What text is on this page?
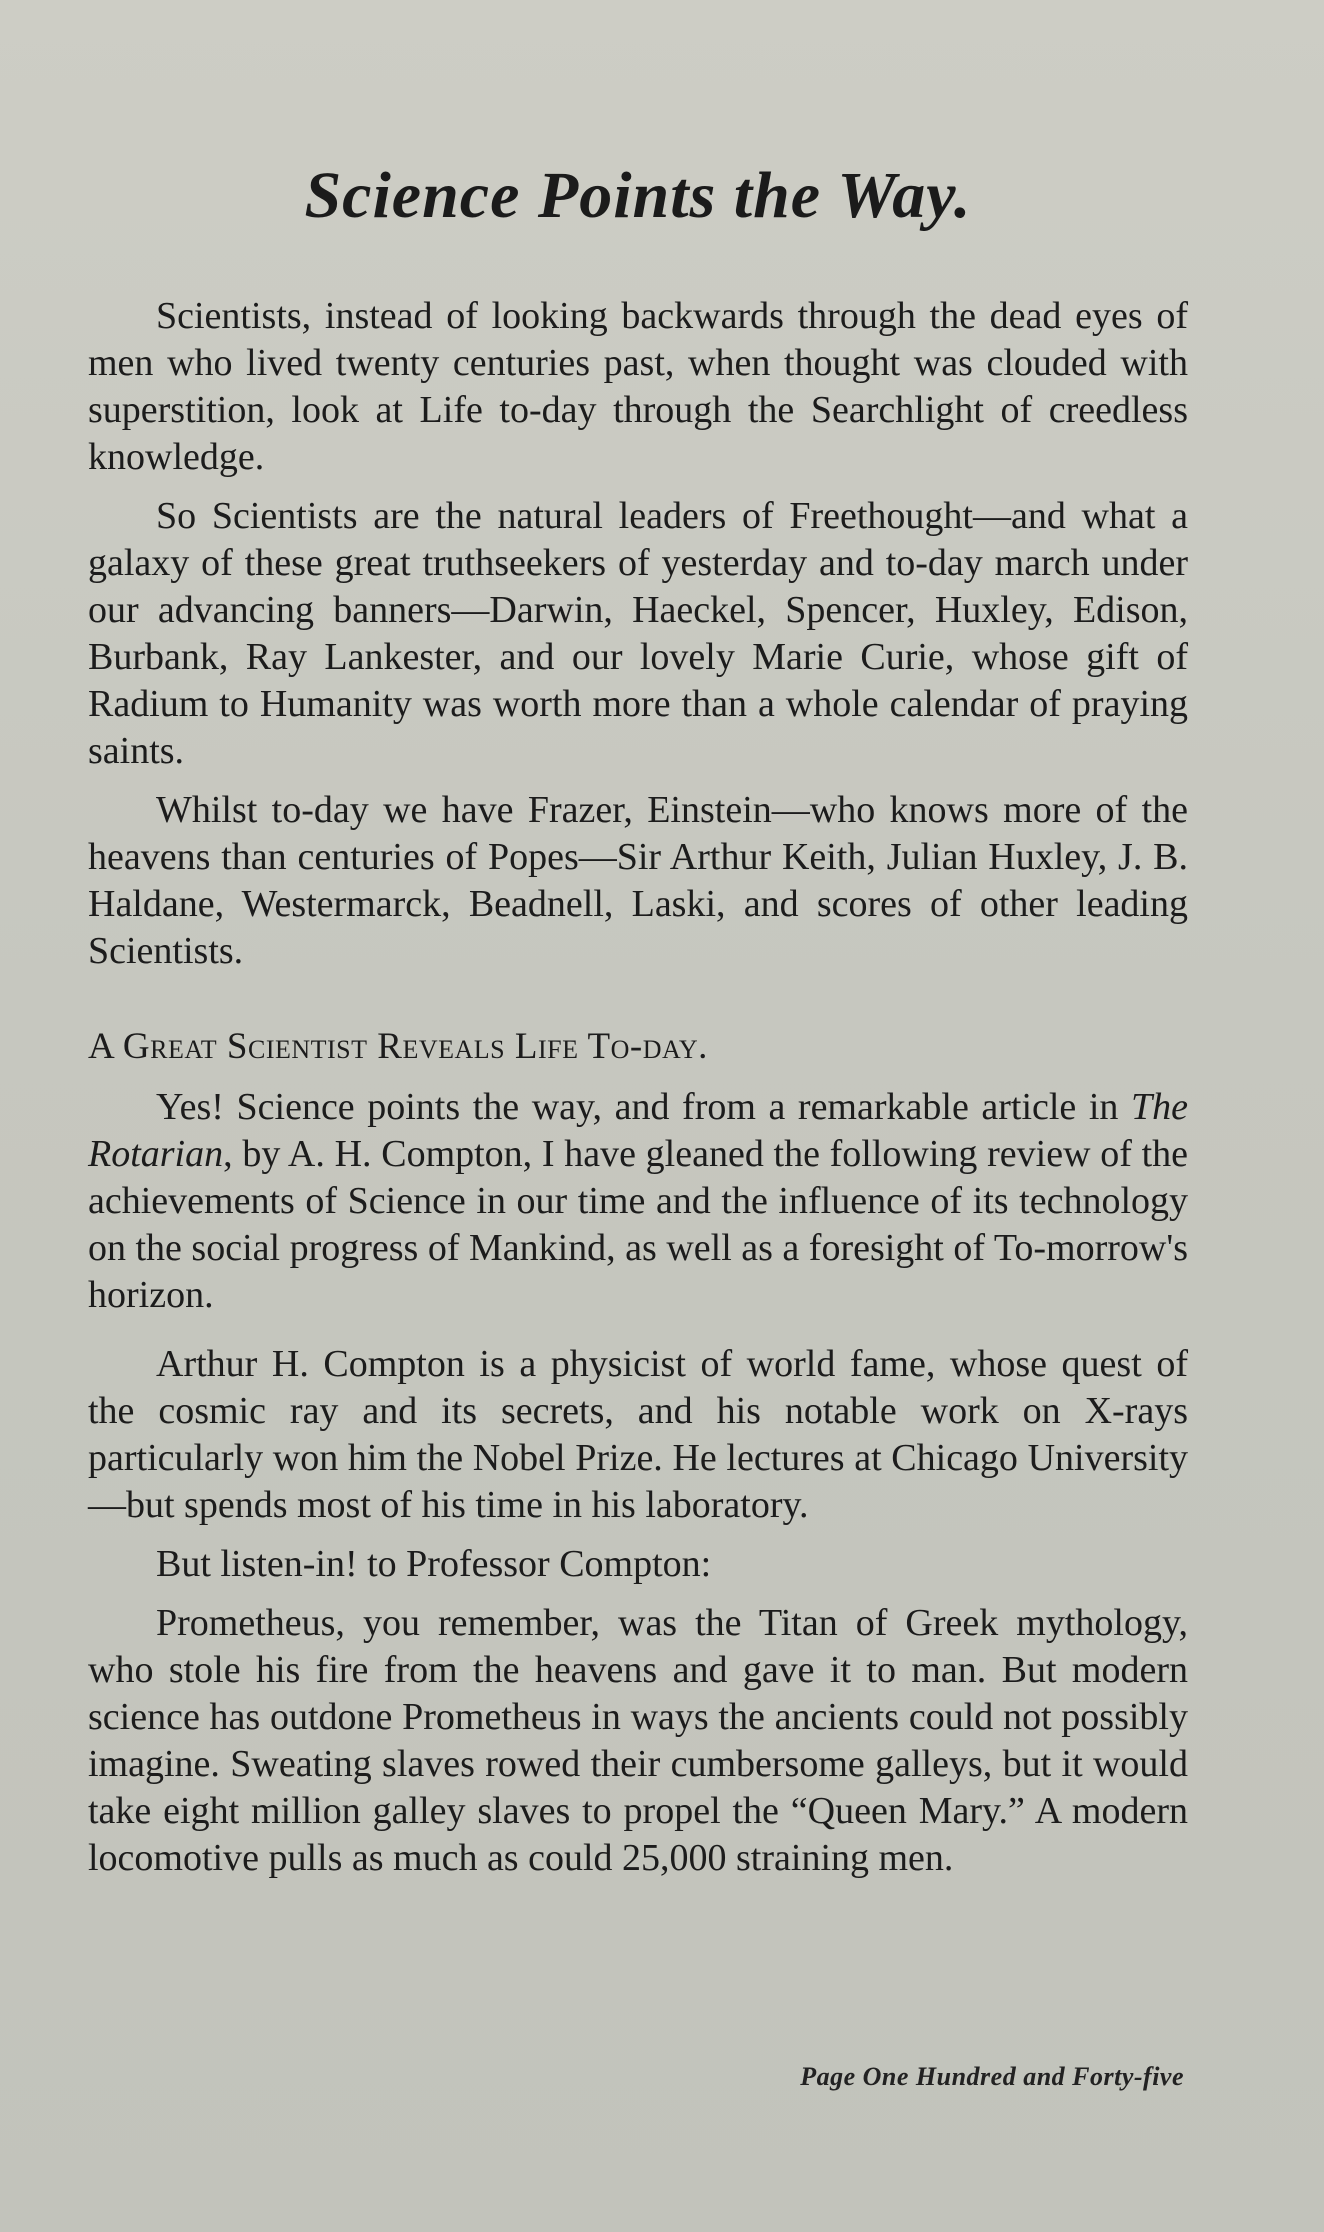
Science Points the Way.

Scientists, instead of looking backwards through the dead eyes of men who lived twenty centuries past, when thought was clouded with superstition, look at Life to-day through the Searchlight of creedless knowledge.

So Scientists are the natural leaders of Freethought—and what a galaxy of these great truthseekers of yesterday and to-day march under our advancing banners—Darwin, Haeckel, Spencer, Huxley, Edison, Burbank, Ray Lankester, and our lovely Marie Curie, whose gift of Radium to Humanity was worth more than a whole calendar of praying saints.

Whilst to-day we have Frazer, Einstein—who knows more of the heavens than centuries of Popes—Sir Arthur Keith, Julian Huxley, J. B. Haldane, Westermarck, Beadnell, Laski, and scores of other leading Scientists.

A Great Scientist Reveals Life To-day.

Yes! Science points the way, and from a remarkable article in The Rotarian, by A. H. Compton, I have gleaned the following review of the achievements of Science in our time and the influence of its technology on the social progress of Mankind, as well as a foresight of To-morrow's horizon.

Arthur H. Compton is a physicist of world fame, whose quest of the cosmic ray and its secrets, and his notable work on X-rays particularly won him the Nobel Prize. He lectures at Chicago University—but spends most of his time in his laboratory.

But listen-in! to Professor Compton:

Prometheus, you remember, was the Titan of Greek mythology, who stole his fire from the heavens and gave it to man. But modern science has outdone Prometheus in ways the ancients could not possibly imagine. Sweating slaves rowed their cumbersome galleys, but it would take eight million galley slaves to propel the “Queen Mary.” A modern locomotive pulls as much as could 25,000 straining men.

Page One Hundred and Forty-five
